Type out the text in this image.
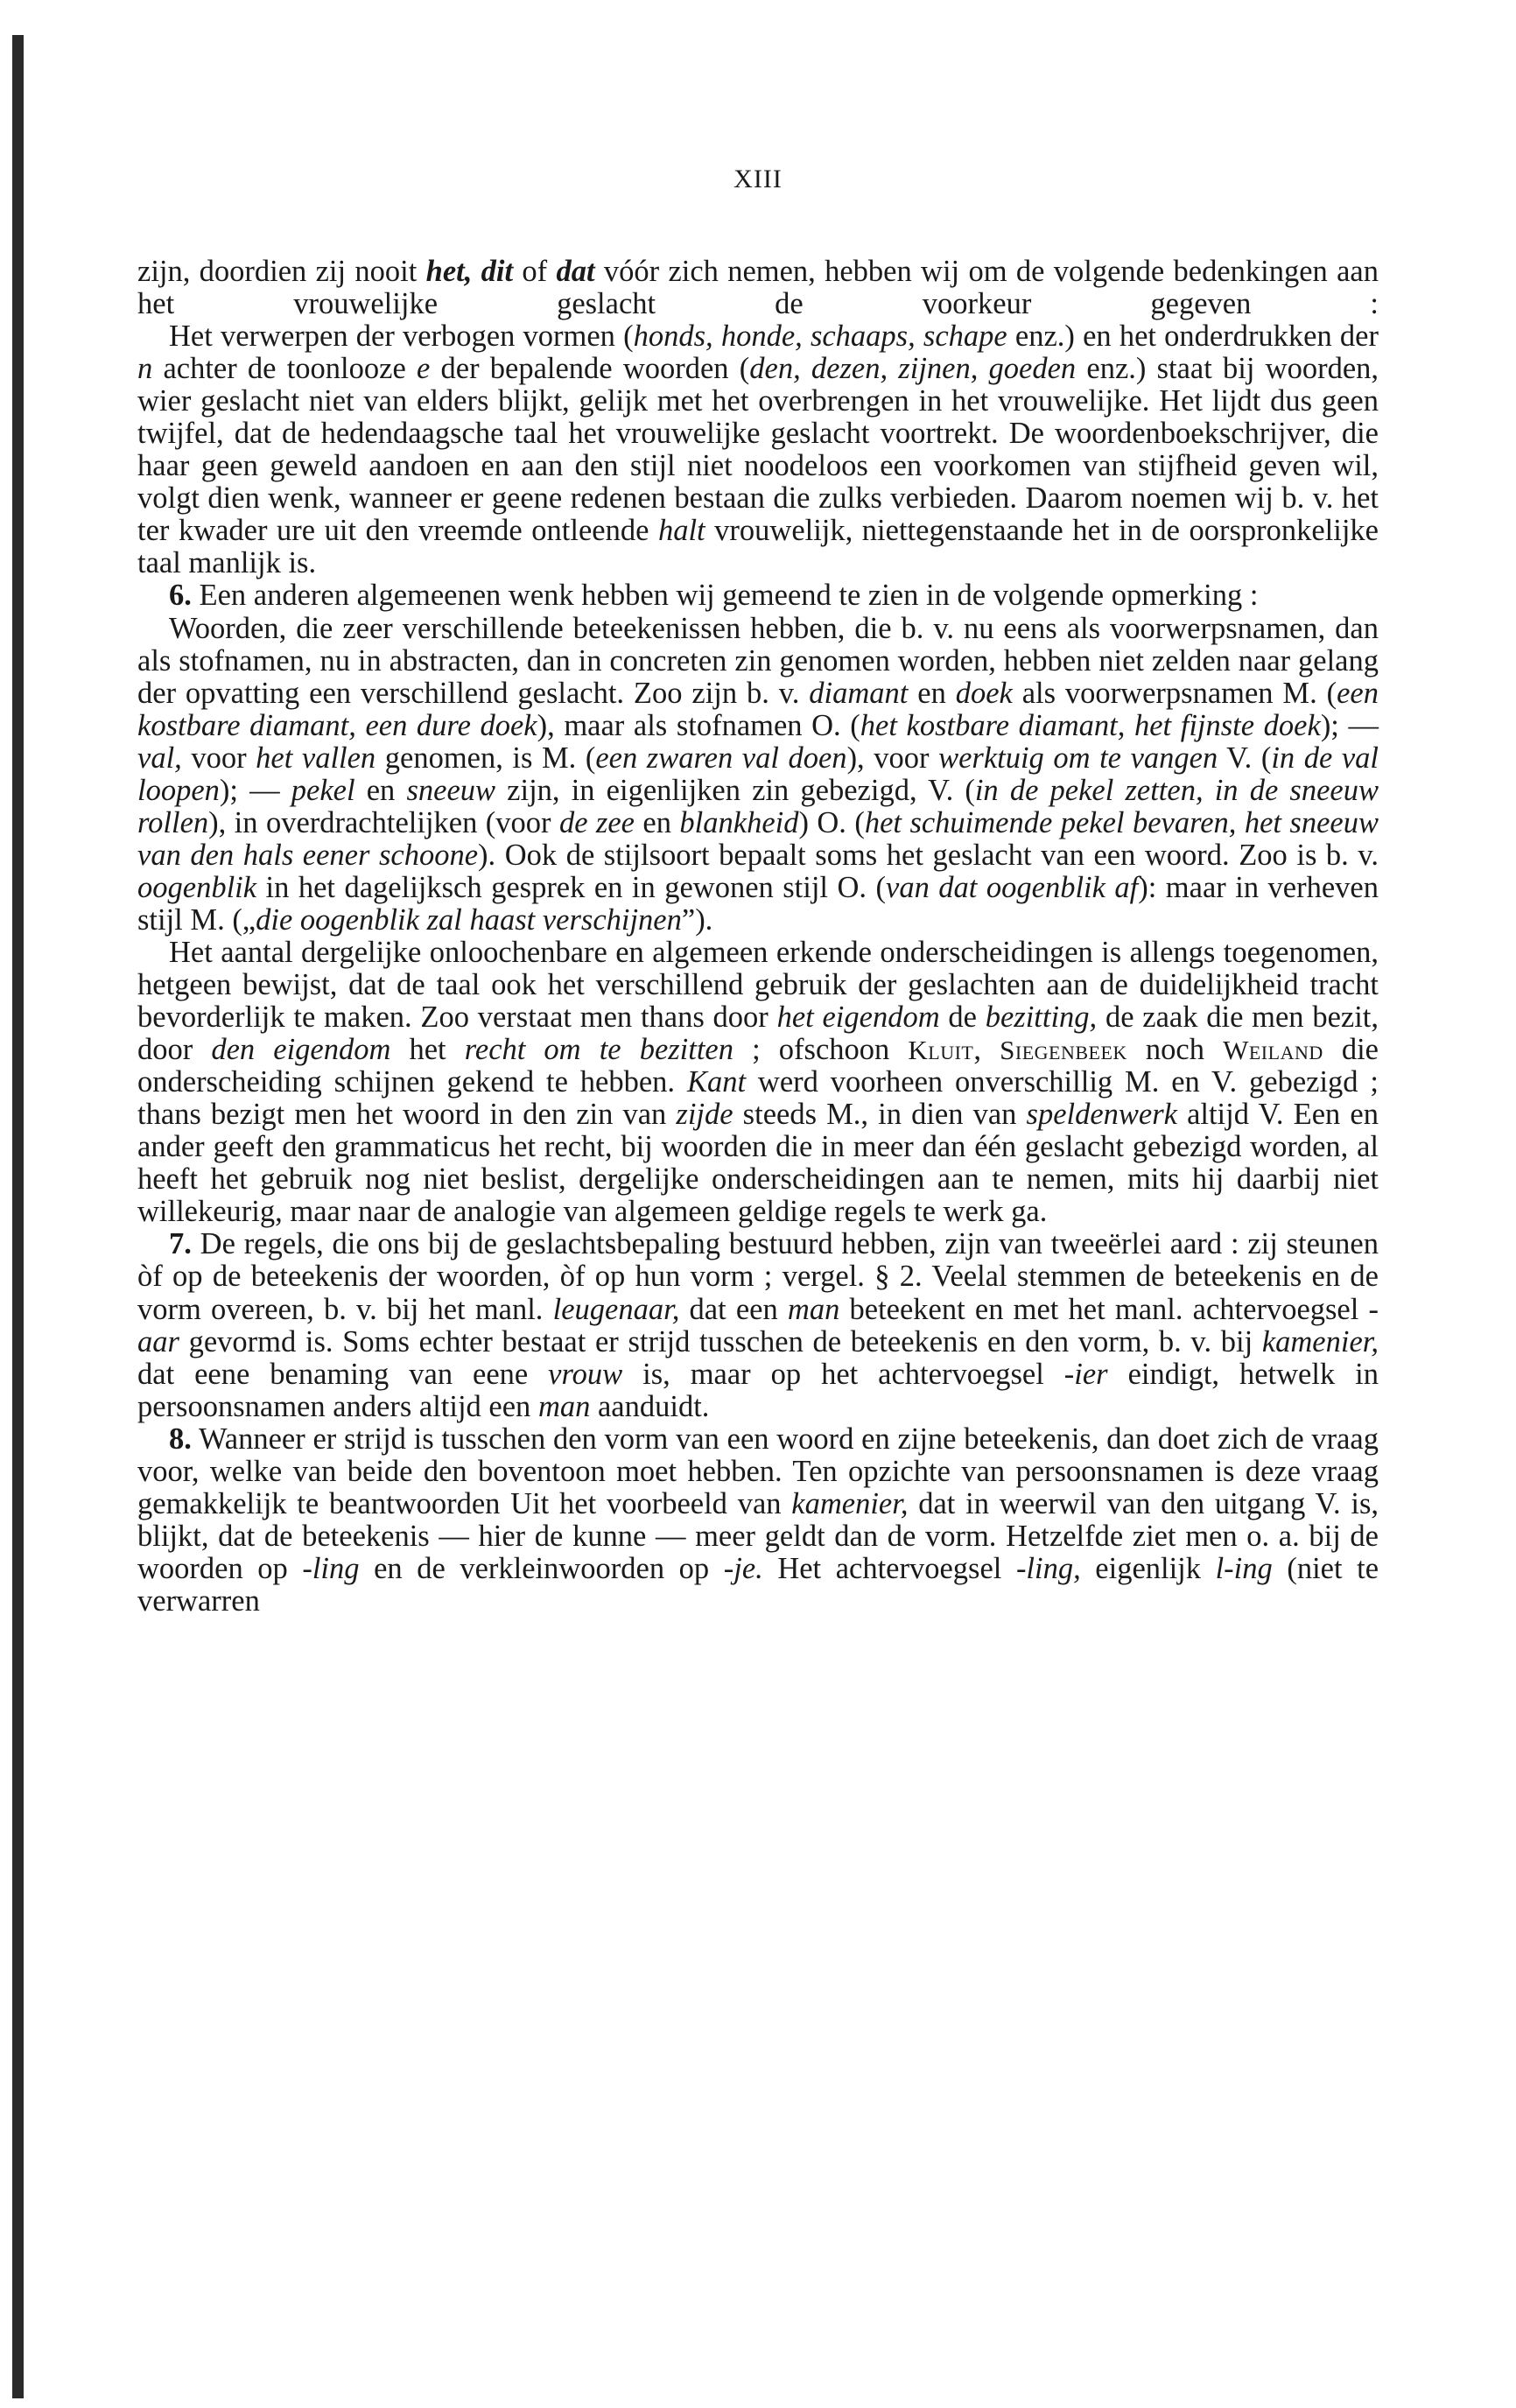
XIII

zijn, doordien zij nooit het, dit of dat vóór zich nemen, hebben wij om de volgende bedenkingen aan het vrouwelijke geslacht de voorkeur gegeven :

Het verwerpen der verbogen vormen (honds, honde, schaaps, schape enz.) en het onderdrukken der n achter de toonlooze e der bepalende woorden (den, dezen, zijnen, goeden enz.) staat bij woorden, wier geslacht niet van elders blijkt, gelijk met het overbrengen in het vrouwelijke. Het lijdt dus geen twijfel, dat de hedendaagsche taal het vrouwelijke geslacht voortrekt. De woordenboekschrijver, die haar geen geweld aandoen en aan den stijl niet noodeloos een voorkomen van stijfheid geven wil, volgt dien wenk, wanneer er geene redenen bestaan die zulks verbieden. Daarom noemen wij b. v. het ter kwader ure uit den vreemde ontleende halt vrouwelijk, niettegenstaande het in de oorspronkelijke taal manlijk is.

6. Een anderen algemeenen wenk hebben wij gemeend te zien in de volgende opmerking :

Woorden, die zeer verschillende beteekenissen hebben, die b. v. nu eens als voorwerpsnamen, dan als stofnamen, nu in abstracten, dan in concreten zin genomen worden, hebben niet zelden naar gelang der opvatting een verschillend geslacht. Zoo zijn b. v. diamant en doek als voorwerpsnamen M. (een kostbare diamant, een dure doek), maar als stofnamen O. (het kostbare diamant, het fijnste doek); —val, voor het vallen genomen, is M. (een zwaren val doen), voor werktuig om te vangen V. (in de val loopen); — pekel en sneeuw zijn, in eigenlijken zin gebezigd, V. (in de pekel zetten, in de sneeuw rollen), in overdrachtelijken (voor de zee en blankheid) O. (het schuimende pekel bevaren, het sneeuw van den hals eener schoone). Ook de stijlsoort bepaalt soms het geslacht van een woord. Zoo is b. v. oogenblik in het dagelijksch gesprek en in gewonen stijl O. (van dat oogenblik af): maar in verheven stijl M. („die oogenblik zal haast verschijnen”).

Het aantal dergelijke onloochenbare en algemeen erkende onderscheidingen is allengs toegenomen, hetgeen bewijst, dat de taal ook het verschillend gebruik der geslachten aan de duidelijkheid tracht bevorderlijk te maken. Zoo verstaat men thans door het eigendom de bezitting, de zaak die men bezit, door den eigendom het recht om te bezitten ; ofschoon Kluit, Siegenbeek noch Weiland die onderscheiding schijnen gekend te hebben. Kant werd voorheen onverschillig M. en V. gebezigd ; thans bezigt men het woord in den zin van zijde steeds M., in dien van speldenwerk altijd V. Een en ander geeft den grammaticus het recht, bij woorden die in meer dan één geslacht gebezigd worden, al heeft het gebruik nog niet beslist, dergelijke onderscheidingen aan te nemen, mits hij daarbij niet willekeurig, maar naar de analogie van algemeen geldige regels te werk ga.

7. De regels, die ons bij de geslachtsbepaling bestuurd hebben, zijn van tweeërlei aard : zij steunen òf op de beteekenis der woorden, òf op hun vorm ; vergel. § 2. Veelal stemmen de beteekenis en de vorm overeen, b. v. bij het manl. leugenaar, dat een man beteekent en met het manl. achtervoegsel -aar gevormd is. Soms echter bestaat er strijd tusschen de beteekenis en den vorm, b. v. bij kamenier, dat eene benaming van eene vrouw is, maar op het achtervoegsel -ier eindigt, hetwelk in persoonsnamen anders altijd een man aanduidt.

8. Wanneer er strijd is tusschen den vorm van een woord en zijne beteekenis, dan doet zich de vraag voor, welke van beide den boventoon moet hebben. Ten opzichte van persoonsnamen is deze vraag gemakkelijk te beantwoorden Uit het voorbeeld van kamenier, dat in weerwil van den uitgang V. is, blijkt, dat de beteekenis — hier de kunne — meer geldt dan de vorm. Hetzelfde ziet men o. a. bij de woorden op -ling en de verkleinwoorden op -je. Het achtervoegsel -ling, eigenlijk l-ing (niet te verwarren
